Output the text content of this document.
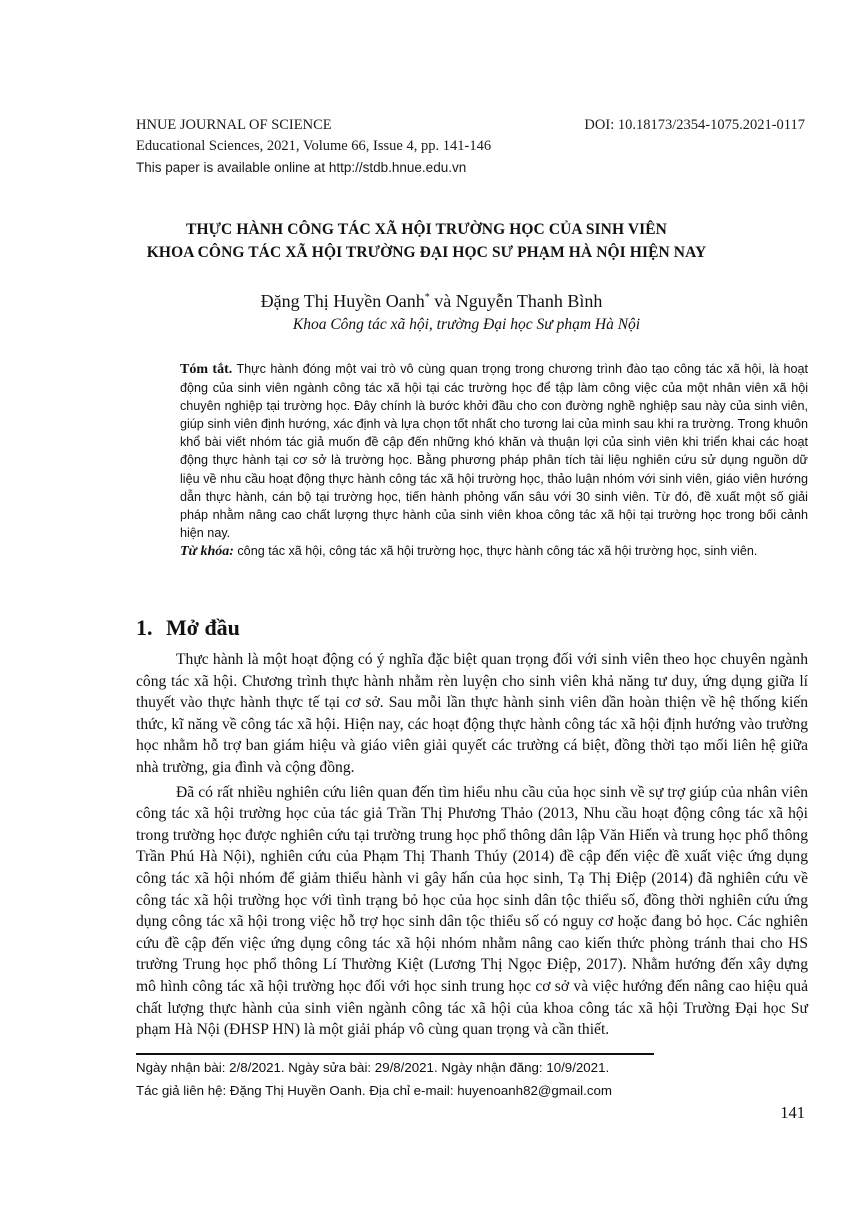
HNUE JOURNAL OF SCIENCE	DOI: 10.18173/2354-1075.2021-0117
Educational Sciences, 2021, Volume 66, Issue 4, pp. 141-146
This paper is available online at http://stdb.hnue.edu.vn
THỰC HÀNH CÔNG TÁC XÃ HỘI TRƯỜNG HỌC CỦA SINH VIÊN
KHOA CÔNG TÁC XÃ HỘI TRƯỜNG ĐẠI HỌC SƯ PHẠM HÀ NỘI HIỆN NAY
Đặng Thị Huyền Oanh* và Nguyễn Thanh Bình
Khoa Công tác xã hội, trường Đại học Sư phạm Hà Nội
Tóm tắt. Thực hành đóng một vai trò vô cùng quan trọng trong chương trình đào tạo công tác xã hội, là hoạt động của sinh viên ngành công tác xã hội tại các trường học để tập làm công việc của một nhân viên xã hội chuyên nghiệp tại trường học. Đây chính là bước khởi đầu cho con đường nghề nghiệp sau này của sinh viên, giúp sinh viên định hướng, xác định và lựa chọn tốt nhất cho tương lai của mình sau khi ra trường. Trong khuôn khổ bài viết nhóm tác giả muốn đề cập đến những khó khăn và thuận lợi của sinh viên khi triển khai các hoạt động thực hành tại cơ sở là trường học. Bằng phương pháp phân tích tài liệu nghiên cứu sử dụng nguồn dữ liệu về nhu cầu hoạt động thực hành công tác xã hội trường học, thảo luận nhóm với sinh viên, giáo viên hướng dẫn thực hành, cán bộ tại trường học, tiến hành phỏng vấn sâu với 30 sinh viên. Từ đó, đề xuất một số giải pháp nhằm nâng cao chất lượng thực hành của sinh viên khoa công tác xã hội tại trường học trong bối cảnh hiện nay.
Từ khóa: công tác xã hội, công tác xã hội trường học, thực hành công tác xã hội trường học, sinh viên.
1. Mở đầu

Thực hành là một hoạt động có ý nghĩa đặc biệt quan trọng đối với sinh viên theo học chuyên ngành công tác xã hội. Chương trình thực hành nhằm rèn luyện cho sinh viên khả năng tư duy, ứng dụng giữa lí thuyết vào thực hành thực tế tại cơ sở. Sau mỗi lần thực hành sinh viên dần hoàn thiện về hệ thống kiến thức, kĩ năng về công tác xã hội. Hiện nay, các hoạt động thực hành công tác xã hội định hướng vào trường học nhằm hỗ trợ ban giám hiệu và giáo viên giải quyết các trường cá biệt, đồng thời tạo mối liên hệ giữa nhà trường, gia đình và cộng đồng.

Đã có rất nhiều nghiên cứu liên quan đến tìm hiểu nhu cầu của học sinh về sự trợ giúp của nhân viên công tác xã hội trường học của tác giả Trần Thị Phương Thảo (2013, Nhu cầu hoạt động công tác xã hội trong trường học được nghiên cứu tại trường trung học phổ thông dân lập Văn Hiến và trung học phổ thông Trần Phú Hà Nội), nghiên cứu của Phạm Thị Thanh Thúy (2014) đề cập đến việc đề xuất việc ứng dụng công tác xã hội nhóm để giảm thiểu hành vi gây hấn của học sinh, Tạ Thị Điệp (2014) đã nghiên cứu về công tác xã hội trường học với tình trạng bỏ học của học sinh dân tộc thiểu số, đồng thời nghiên cứu ứng dụng công tác xã hội trong việc hỗ trợ học sinh dân tộc thiểu số có nguy cơ hoặc đang bỏ học. Các nghiên cứu đề cập đến việc ứng dụng công tác xã hội nhóm nhằm nâng cao kiến thức phòng tránh thai cho HS trường Trung học phổ thông Lí Thường Kiệt (Lương Thị Ngọc Điệp, 2017). Nhằm hướng đến xây dựng mô hình công tác xã hội trường học đối với học sinh trung học cơ sở và việc hướng đến nâng cao hiệu quả chất lượng thực hành của sinh viên ngành công tác xã hội của khoa công tác xã hội Trường Đại học Sư phạm Hà Nội (ĐHSP HN) là một giải pháp vô cùng quan trọng và cần thiết.

Ngày nhận bài: 2/8/2021. Ngày sửa bài: 29/8/2021. Ngày nhận đăng: 10/9/2021.
Tác giả liên hệ: Đặng Thị Huyền Oanh. Địa chỉ e-mail: huyenoanh82@gmail.com
141
